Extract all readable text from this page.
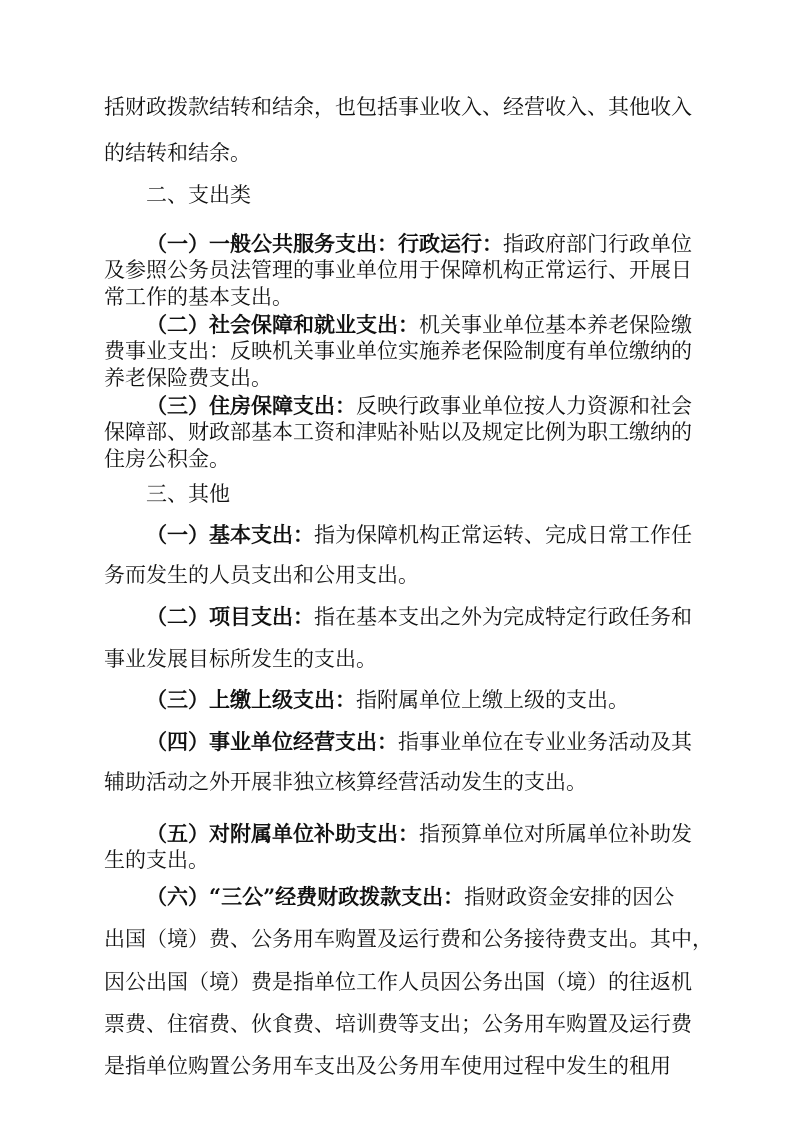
括财政拨款结转和结余，也包括事业收入、经营收入、其他收入
的结转和结余。
二、支出类
（一）一般公共服务支出：行政运行：指政府部门行政单位
及参照公务员法管理的事业单位用于保障机构正常运行、开展日
常工作的基本支出。
（二）社会保障和就业支出：机关事业单位基本养老保险缴
费事业支出：反映机关事业单位实施养老保险制度有单位缴纳的
养老保险费支出。
（三）住房保障支出：反映行政事业单位按人力资源和社会
保障部、财政部基本工资和津贴补贴以及规定比例为职工缴纳的
住房公积金。
三、其他
（一）基本支出：指为保障机构正常运转、完成日常工作任
务而发生的人员支出和公用支出。
（二）项目支出：指在基本支出之外为完成特定行政任务和
事业发展目标所发生的支出。
（三）上缴上级支出：指附属单位上缴上级的支出。
（四）事业单位经营支出：指事业单位在专业业务活动及其
辅助活动之外开展非独立核算经营活动发生的支出。
（五）对附属单位补助支出：指预算单位对所属单位补助发
生的支出。
（六）“三公”经费财政拨款支出：指财政资金安排的因公
出国（境）费、公务用车购置及运行费和公务接待费支出。其中，
因公出国（境）费是指单位工作人员因公务出国（境）的往返机
票费、住宿费、伙食费、培训费等支出；公务用车购置及运行费
是指单位购置公务用车支出及公务用车使用过程中发生的租用
